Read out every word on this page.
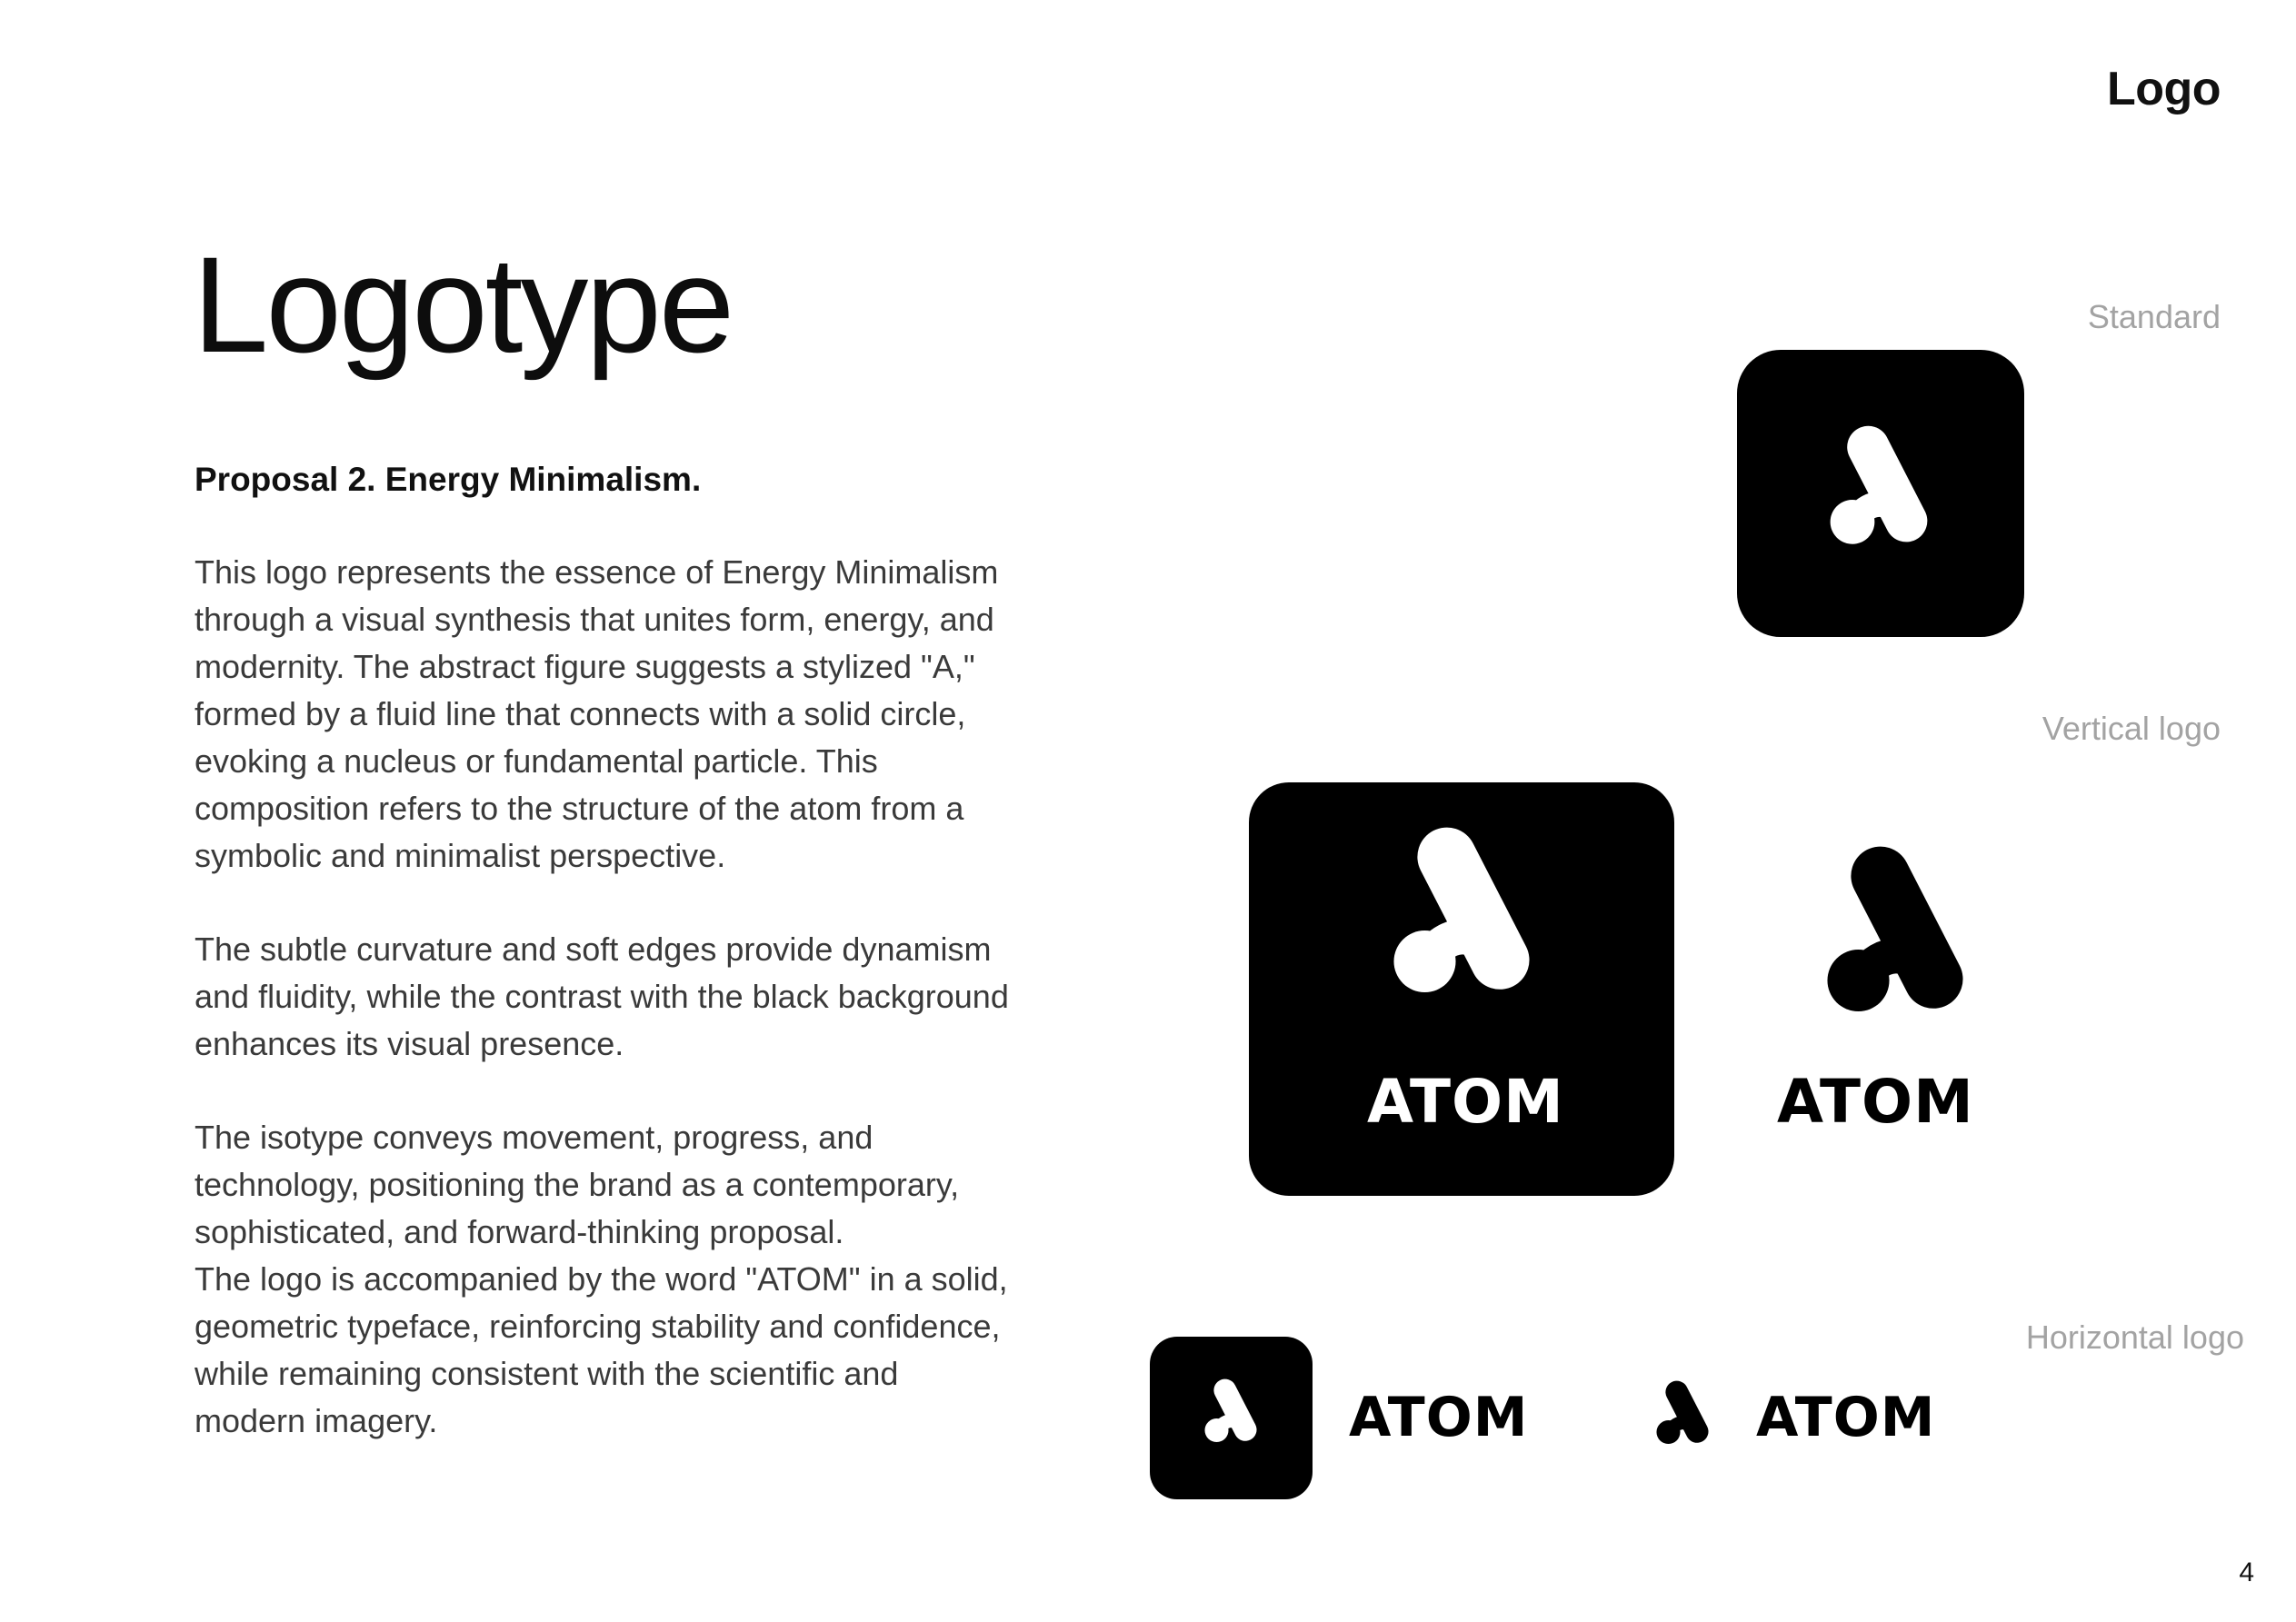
Logo
Logotype
Proposal 2. Energy Minimalism.

This logo represents the essence of Energy Minimalism

through a visual synthesis that unites form, energy, and

modernity. The abstract figure suggests a stylized "A,"

formed by a fluid line that connects with a solid circle,

evoking a nucleus or fundamental particle. This

composition refers to the structure of the atom from a

symbolic and minimalist perspective.

The subtle curvature and soft edges provide dynamism

and fluidity, while the contrast with the black background

enhances its visual presence.

The isotype conveys movement, progress, and

technology, positioning the brand as a contemporary,

sophisticated, and forward-thinking proposal.

The logo is accompanied by the word "ATOM" in a solid,

geometric typeface, reinforcing stability and confidence,

while remaining consistent with the scientific and

modern imagery.

Standard
Vertical logo
ATOM	ATOM
Horizontal logo
ATOM	ATOM
4
